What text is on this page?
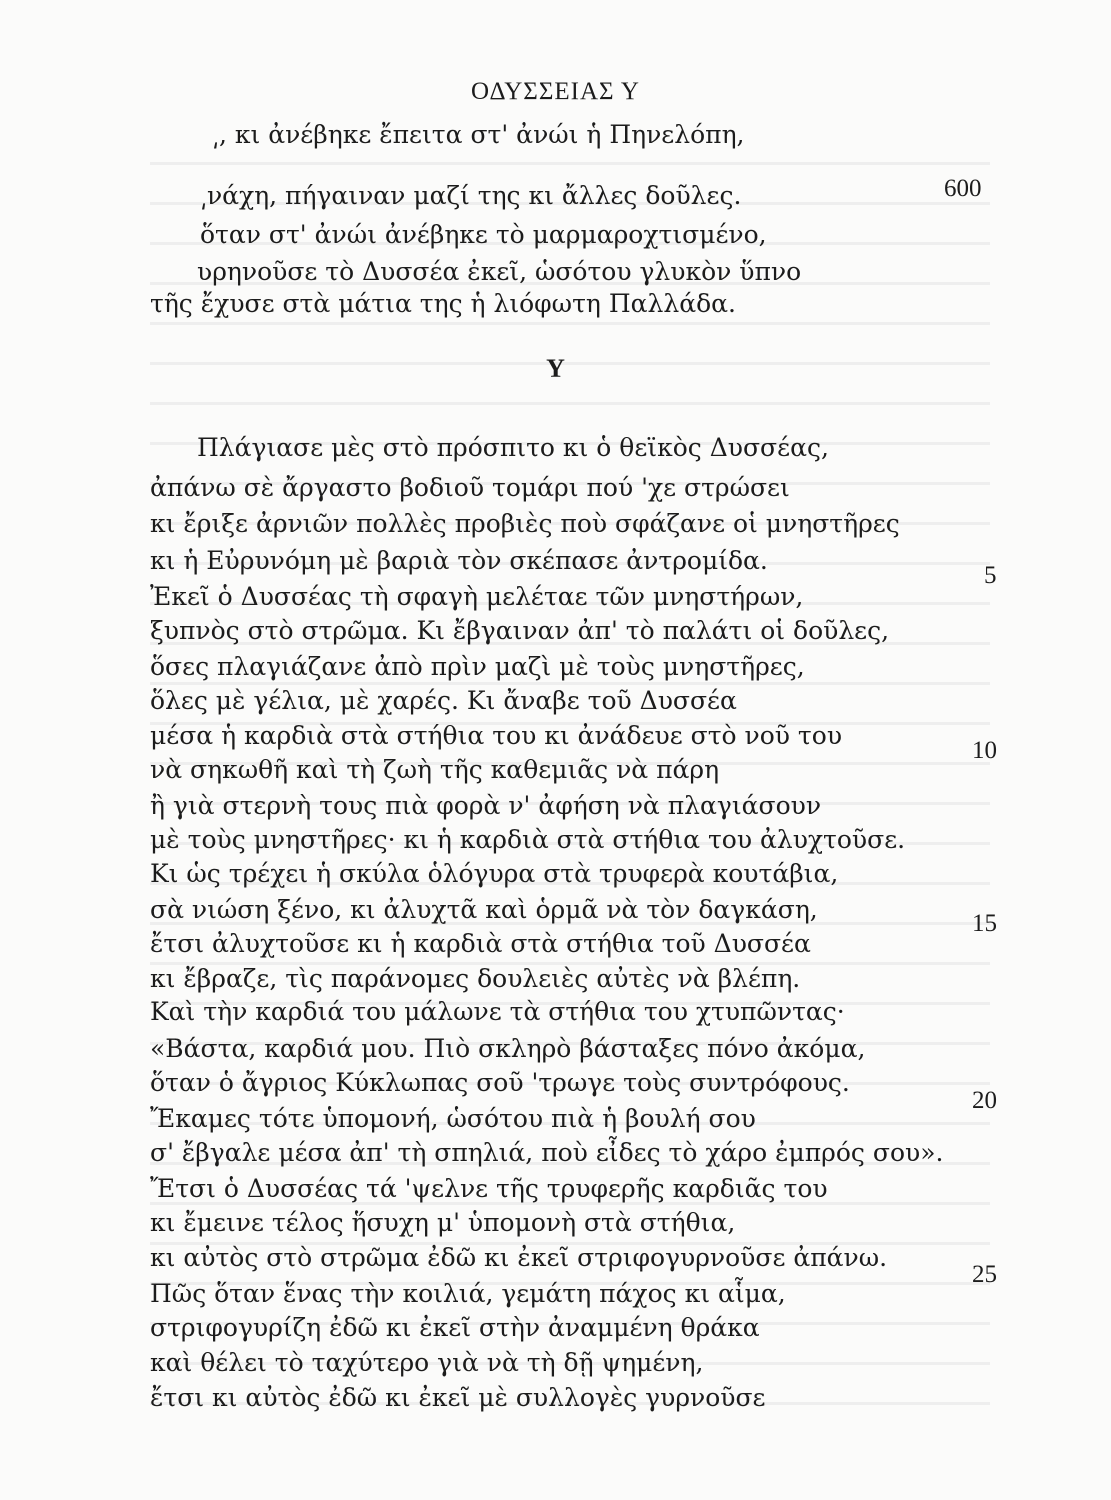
ΟΔΥΣΣΕΙΑΣ Υ
͵, κι ἀνέβηκε ἔπειτα στ' ἀνώι ἡ Πηνελόπη,
͵νάχη, πήγαιναν μαζί της κι ἄλλες δοῦλες.
ὅταν στ' ἀνώι ἀνέβηκε τὸ μαρμαροχτισμένο,
ʋρηνοῦσε τὸ Δυσσέα ἐκεῖ, ὡσότου γλυκὸν ὕπνο
τῆς ἔχυσε στὰ μάτια της ἡ λιόφωτη Παλλάδα.
600
Υ
Πλάγιασε μὲς στὸ πρόσπιτο κι ὁ θεϊκὸς Δυσσέας,
ἀπάνω σὲ ἄργαστο βοδιοῦ τομάρι πού 'χε στρώσει
κι ἔριξε ἀρνιῶν πολλὲς προβιὲς ποὺ σφάζανε οἱ μνηστῆρες
κι ἡ Εὐρυνόμη μὲ βαριὰ τὸν σκέπασε ἀντρομίδα.
Ἐκεῖ ὁ Δυσσέας τὴ σφαγὴ μελέταε τῶν μνηστήρων,
ξυπνὸς στὸ στρῶμα. Κι ἔβγαιναν ἀπ' τὸ παλάτι οἱ δοῦλες,
ὅσες πλαγιάζανε ἀπὸ πρὶν μαζὶ μὲ τοὺς μνηστῆρες,
ὅλες μὲ γέλια, μὲ χαρές. Κι ἄναβε τοῦ Δυσσέα
μέσα ἡ καρδιὰ στὰ στήθια του κι ἀνάδευε στὸ νοῦ του
νὰ σηκωθῆ καὶ τὴ ζωὴ τῆς καθεμιᾶς νὰ πάρη
ἢ γιὰ στερνὴ τους πιὰ φορὰ ν' ἀφήση νὰ πλαγιάσουν
μὲ τοὺς μνηστῆρες· κι ἡ καρδιὰ στὰ στήθια του ἀλυχτοῦσε.
Κι ὡς τρέχει ἡ σκύλα ὁλόγυρα στὰ τρυφερὰ κουτάβια,
σὰ νιώση ξένο, κι ἀλυχτᾶ καὶ ὁρμᾶ νὰ τὸν δαγκάση,
ἔτσι ἀλυχτοῦσε κι ἡ καρδιὰ στὰ στήθια τοῦ Δυσσέα
κι ἔβραζε, τὶς παράνομες δουλειὲς αὐτὲς νὰ βλέπη.
Καὶ τὴν καρδιά του μάλωνε τὰ στήθια του χτυπῶντας·
«Βάστα, καρδιά μου. Πιὸ σκληρὸ βάσταξες πόνο ἀκόμα,
ὅταν ὁ ἄγριος Κύκλωπας σοῦ 'τρωγε τοὺς συντρόφους.
Ἔκαμες τότε ὑπομονή, ὡσότου πιὰ ἡ βουλή σου
σ' ἔβγαλε μέσα ἀπ' τὴ σπηλιά, ποὺ εἶδες τὸ χάρο ἐμπρός σου».
Ἔτσι ὁ Δυσσέας τά 'ψελνε τῆς τρυφερῆς καρδιᾶς του
κι ἔμεινε τέλος ἥσυχη μ' ὑπομονὴ στὰ στήθια,
κι αὐτὸς στὸ στρῶμα ἐδῶ κι ἐκεῖ στριφογυρνοῦσε ἀπάνω.
Πῶς ὅταν ἕνας τὴν κοιλιά, γεμάτη πάχος κι αἷμα,
στριφογυρίζη ἐδῶ κι ἐκεῖ στὴν ἀναμμένη θράκα
καὶ θέλει τὸ ταχύτερο γιὰ νὰ τὴ δῇ ψημένη,
ἔτσι κι αὐτὸς ἐδῶ κι ἐκεῖ μὲ συλλογὲς γυρνοῦσε
5
10
15
20
25
